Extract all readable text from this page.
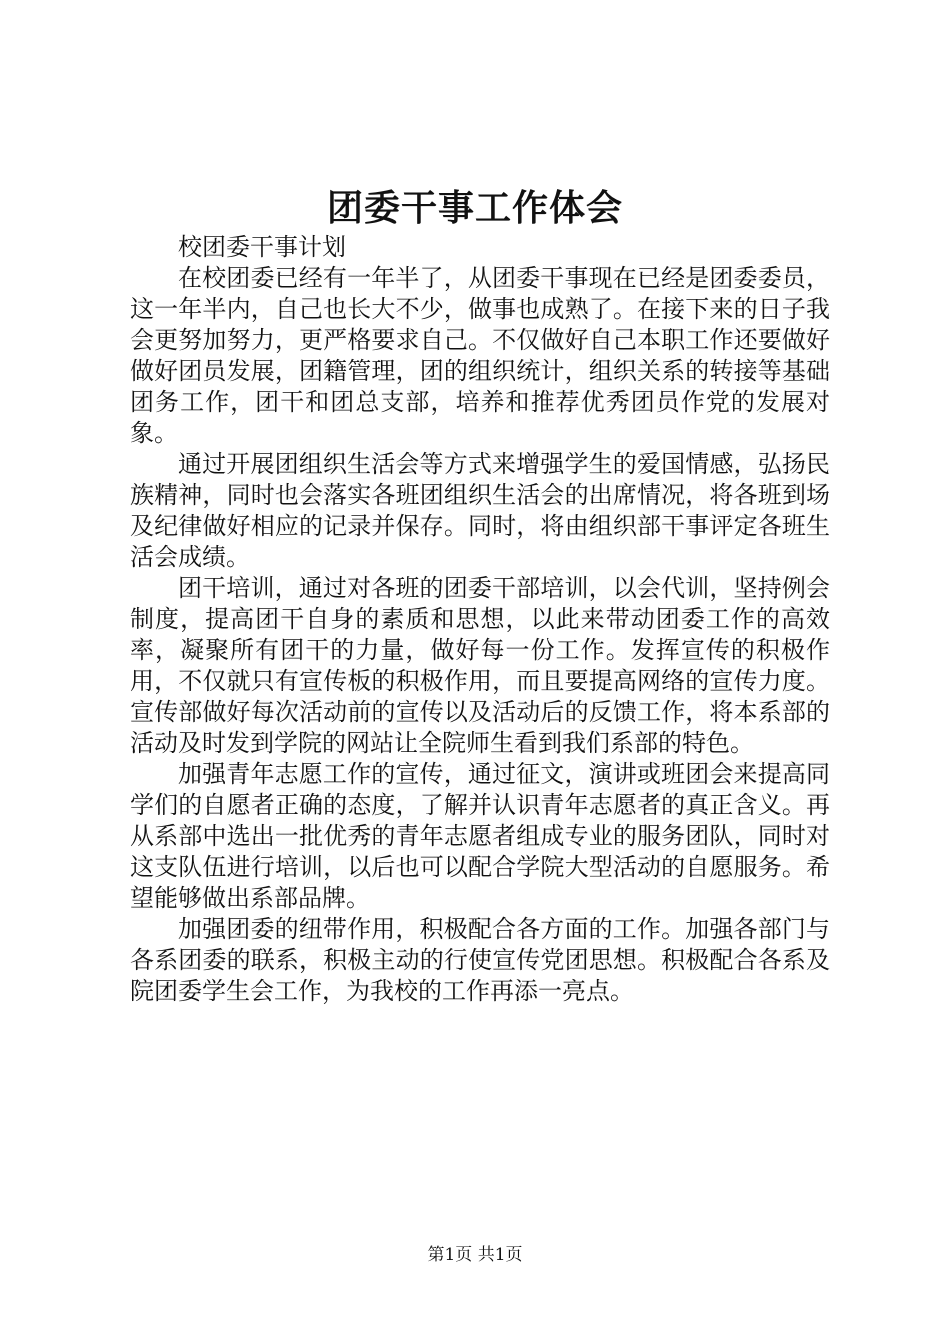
团委干事工作体会

校团委干事计划

在校团委已经有一年半了，从团委干事现在已经是团委委员，这一年半内，自己也长大不少，做事也成熟了。在接下来的日子我会更努加努力，更严格要求自己。不仅做好自己本职工作还要做好做好团员发展，团籍管理，团的组织统计，组织关系的转接等基础团务工作，团干和团总支部，培养和推荐优秀团员作党的发展对象。

通过开展团组织生活会等方式来增强学生的爱国情感，弘扬民族精神，同时也会落实各班团组织生活会的出席情况，将各班到场及纪律做好相应的记录并保存。同时，将由组织部干事评定各班生活会成绩。

团干培训，通过对各班的团委干部培训，以会代训，坚持例会制度，提高团干自身的素质和思想，以此来带动团委工作的高效率，凝聚所有团干的力量，做好每一份工作。发挥宣传的积极作用，不仅就只有宣传板的积极作用，而且要提高网络的宣传力度。宣传部做好每次活动前的宣传以及活动后的反馈工作，将本系部的活动及时发到学院的网站让全院师生看到我们系部的特色。

加强青年志愿工作的宣传，通过征文，演讲或班团会来提高同学们的自愿者正确的态度，了解并认识青年志愿者的真正含义。再从系部中选出一批优秀的青年志愿者组成专业的服务团队，同时对这支队伍进行培训，以后也可以配合学院大型活动的自愿服务。希望能够做出系部品牌。

加强团委的纽带作用，积极配合各方面的工作。加强各部门与各系团委的联系，积极主动的行使宣传党团思想。积极配合各系及院团委学生会工作，为我校的工作再添一亮点。

第1页 共1页
